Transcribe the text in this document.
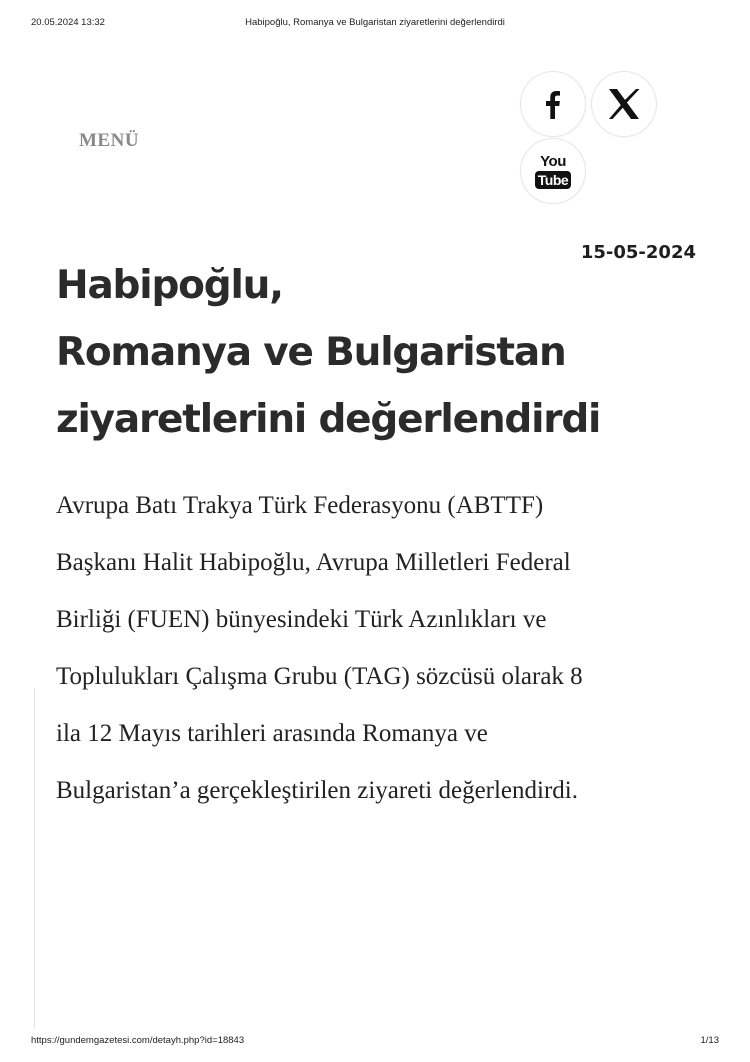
20.05.2024 13:32	Habipoğlu, Romanya ve Bulgaristan ziyaretlerini değerlendirdi
MENÜ
You
Tube
15-05-2024
Habipoğlu,
Romanya ve Bulgaristan
ziyaretlerini değerlendirdi

Avrupa Batı Trakya Türk Federasyonu (ABTTF)
Başkanı Halit Habipoğlu, Avrupa Milletleri Federal
Birliği (FUEN) bünyesindeki Türk Azınlıkları ve
Toplulukları Çalışma Grubu (TAG) sözcüsü olarak 8
ila 12 Mayıs tarihleri arasında Romanya ve
Bulgaristan’a gerçekleştirilen ziyareti değerlendirdi.

https://gundemgazetesi.com/detayh.php?id=18843	1/13
